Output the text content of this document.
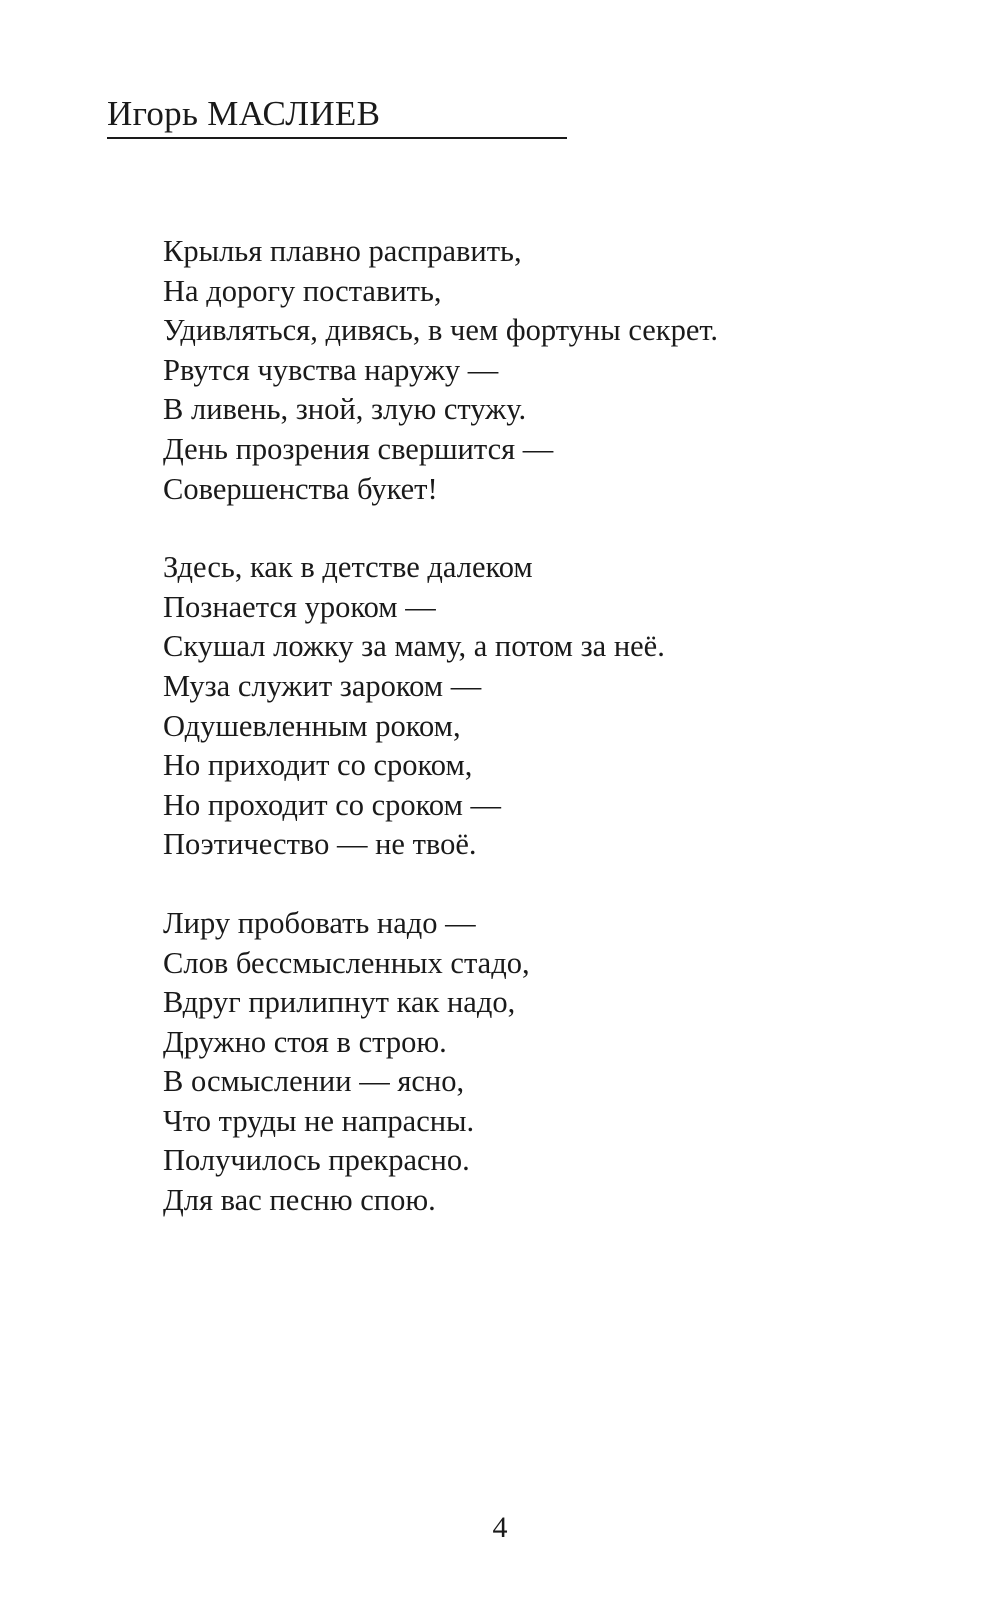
Игорь МАСЛИЕВ
Крылья плавно расправить,
На дорогу поставить,
Удивляться, дивясь, в чем фортуны секрет.
Рвутся чувства наружу —
В ливень, зной, злую стужу.
День прозрения свершится —
Совершенства букет!
Здесь, как в детстве далеком
Познается уроком —
Скушал ложку за маму, а потом за неё.
Муза служит зароком —
Одушевленным роком,
Но приходит со сроком,
Но проходит со сроком —
Поэтичество — не твоё.
Лиру пробовать надо —
Слов бессмысленных стадо,
Вдруг прилипнут как надо,
Дружно стоя в строю.
В осмыслении — ясно,
Что труды не напрасны.
Получилось прекрасно.
Для вас песню спою.
4
